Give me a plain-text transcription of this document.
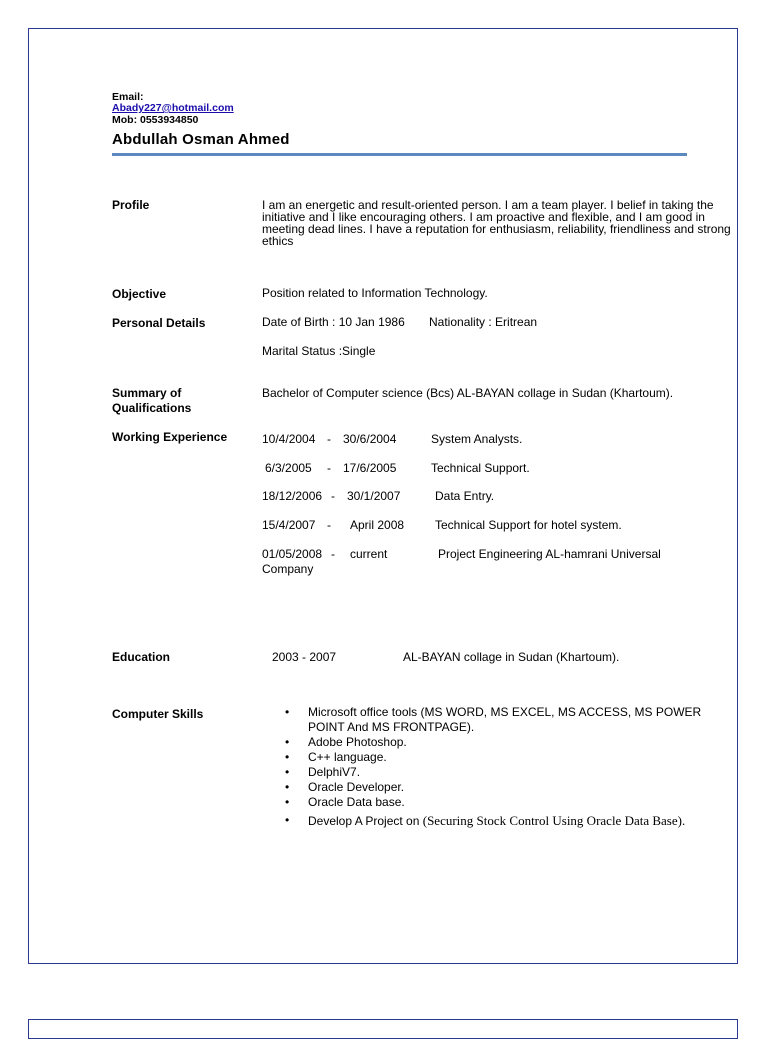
Email:
Abady227@hotmail.com
Mob: 0553934850
Abdullah Osman Ahmed
Profile	I am an energetic and result-oriented person. I am a team player. I belief in taking the initiative and I like encouraging others. I am proactive and flexible, and I am good in meeting dead lines. I have a reputation for enthusiasm, reliability, friendliness and strong ethics
Objective	Position related to Information Technology.
Personal Details	Date of Birth : 10 Jan 1986 Nationality : Eritrean
Marital Status :Single
Summary of
Qualifications
Bachelor of Computer science (Bcs) AL-BAYAN collage in Sudan (Khartoum).
Working Experience	10/4/2004 - 30/6/2004	System Analysts.
6/3/2005 - 17/6/2005	Technical Support.
18/12/2006 - 30/1/2007	Data Entry.
15/4/2007 - April 2008	Technical Support for hotel system.
01/05/2008 - current	Project Engineering AL-hamrani Universal
Company
Education	2003 - 2007	AL-BAYAN collage in Sudan (Khartoum).
Computer Skills
•	Microsoft office tools (MS WORD, MS EXCEL, MS ACCESS, MS POWER POINT And MS FRONTPAGE).
• Adobe Photoshop.
• C++ language.
• DelphiV7.
• Oracle Developer.
• Oracle Data base.
• Develop A Project on (Securing Stock Control Using Oracle Data Base).
